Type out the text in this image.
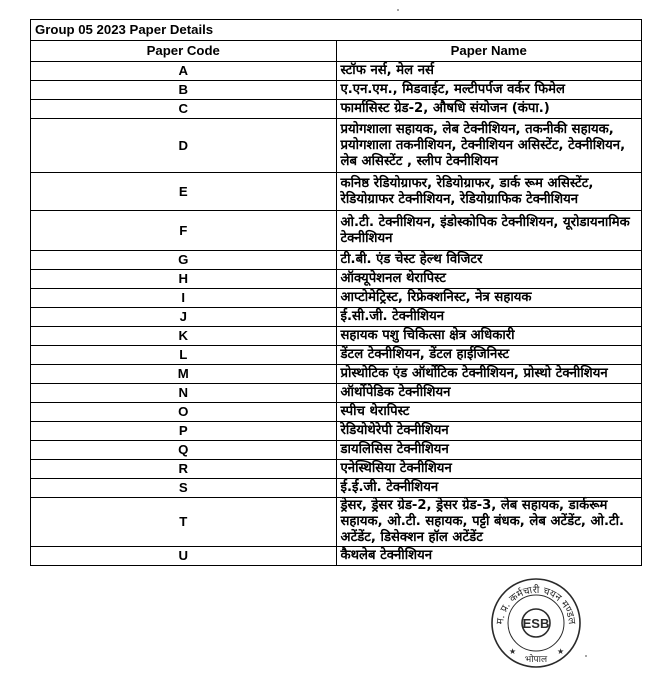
Group 05 2023 Paper Details	
Paper Code	Paper Name
A	स्टॉफ नर्स, मेल नर्स
B	ए.एन.एम., मिडवाईट, मल्टीपर्पज वर्कर फिमेल
C	फार्मासिस्ट ग्रेड-2, औषधि संयोजन (कंपा.)
D	प्रयोगशाला सहायक, लेब टेक्नीशियन, तकनीकी सहायक, प्रयोगशाला तकनीशियन, टेक्नीशियन असिस्टेंट, टेक्नीशियन, लेब असिस्टेंट , स्लीप टेक्नीशियन
E	कनिष्ठ रेडियोग्राफर, रेडियोग्राफर, डार्क रूम असिस्टेंट, रेडियोग्राफर टेक्नीशियन, रेडियोग्राफिक टेक्नीशियन
F	ओ.टी. टेक्नीशियन, इंडोस्कोपिक टेक्नीशियन, यूरोडायनामिक टेक्नीशियन
G	टी.बी. एंड चेस्ट हेल्थ विजिटर
H	ऑक्यूपेशनल थेरापिस्ट
I	आप्टोमेट्रिस्ट, रिफ्रेक्शनिस्ट, नेत्र सहायक
J	ई.सी.जी. टेक्नीशियन
K	सहायक पशु चिकित्सा क्षेत्र अधिकारी
L	डेंटल टेक्नीशियन, डेंटल हाईजिनिस्ट
M	प्रोस्थोटिक एंड ऑर्थोटिक टेक्नीशियन, प्रोस्थो टेक्नीशियन
N	ऑर्थोपेडिक टेक्नीशियन
O	स्पीच थेरापिस्ट
P	रेडियोथेरेपी टेक्नीशियन
Q	डायलिसिस टेक्नीशियन
R	एनेस्थिसिया टेक्नीशियन
S	ई.ई.जी. टेक्नीशियन
T	ड्रेसर, ड्रेसर ग्रेड-2, ड्रेसर ग्रेड-3, लेब सहायक, डार्करूम सहायक, ओ.टी. सहायक, पट्टी बंधक, लेब अटेंडेंट, ओ.टी. अटेंडेंट, डिसेक्शन हॉल अटेंडेंट
U	कैथलेब टेक्नीशियन
ESB
म. प्र. कर्मचारी चयन मण्डल
भोपाल
★	★
